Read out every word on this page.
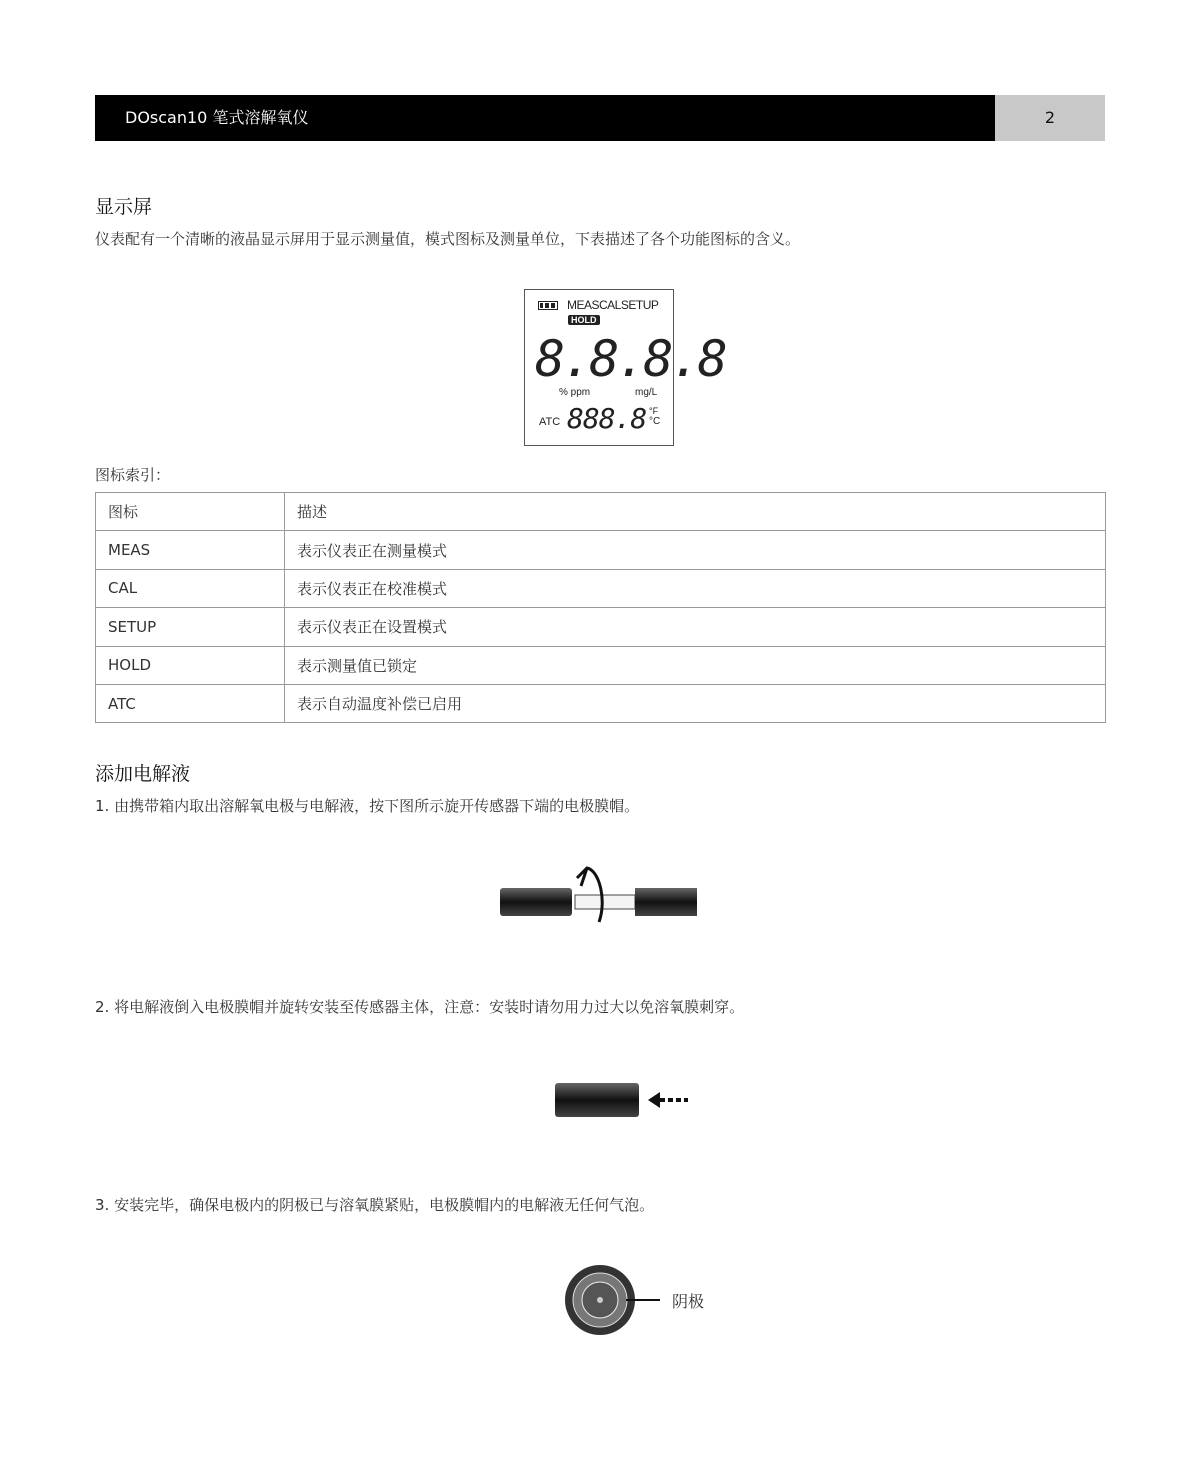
DOscan10 笔式溶解氧仪	2
显示屏
仪表配有一个清晰的液晶显示屏用于显示测量值，模式图标及测量单位，下表描述了各个功能图标的含义。
MEASCALSETUP
HOLD
8.8.8.8
% ppm	mg/L
ATC 888.8 °F
°C
图标索引：
图标	描述
MEAS	表示仪表正在测量模式
CAL	表示仪表正在校准模式
SETUP	表示仪表正在设置模式
HOLD	表示测量值已锁定
ATC	表示自动温度补偿已启用
添加电解液
1. 由携带箱内取出溶解氧电极与电解液，按下图所示旋开传感器下端的电极膜帽。
2. 将电解液倒入电极膜帽并旋转安装至传感器主体，注意：安装时请勿用力过大以免溶氧膜刺穿。
3. 安装完毕，确保电极内的阴极已与溶氧膜紧贴，电极膜帽内的电解液无任何气泡。
阴极
